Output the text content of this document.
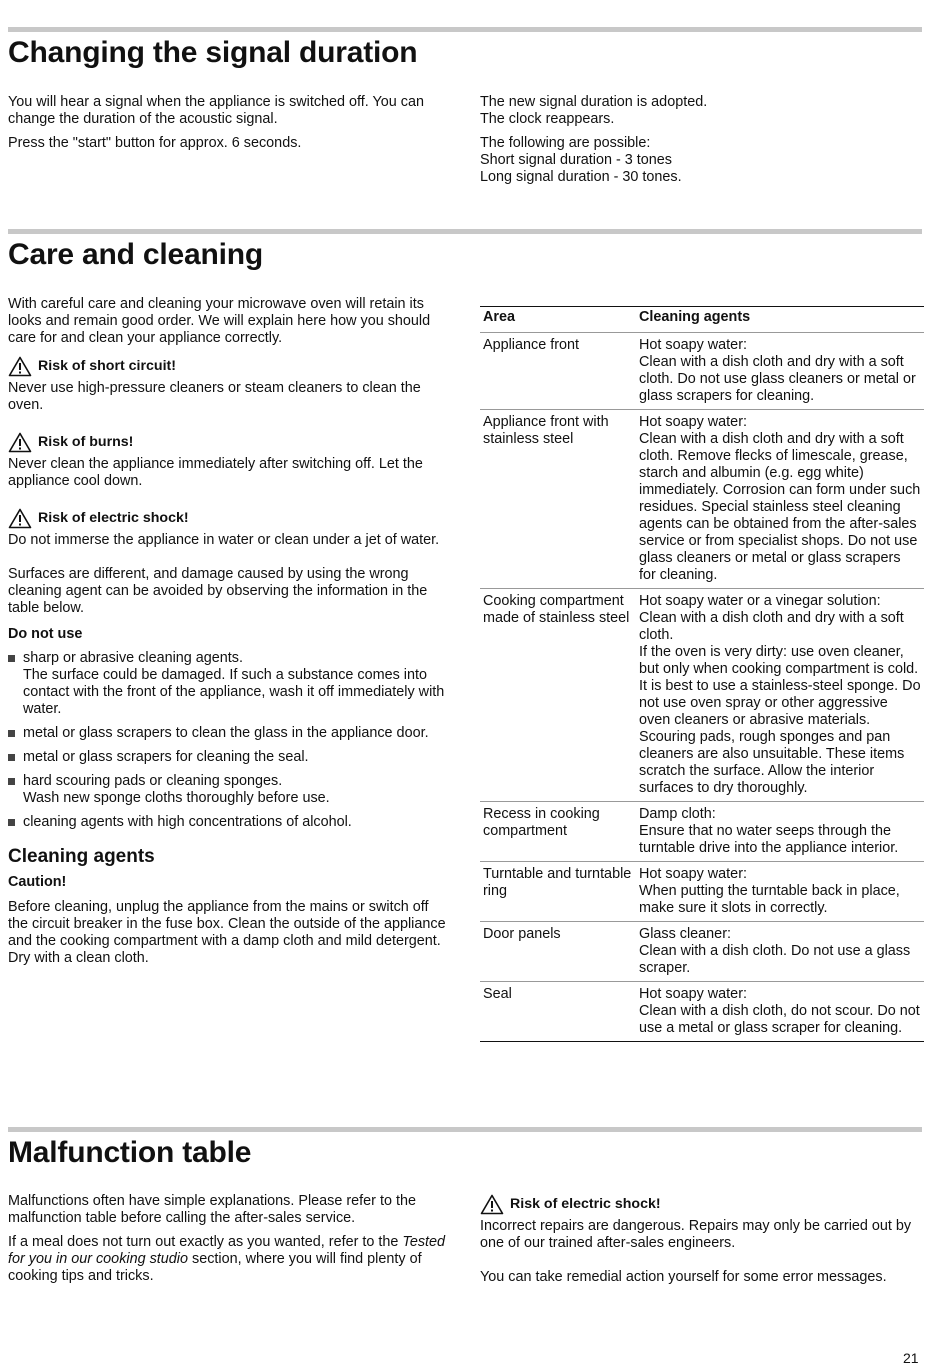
Changing the signal duration

You will hear a signal when the appliance is switched off. You can change the duration of the acoustic signal.

Press the "start" button for approx. 6 seconds.

The new signal duration is adopted.

The clock reappears.

The following are possible:

Short signal duration - 3 tones

Long signal duration - 30 tones.

Care and cleaning

With careful care and cleaning your microwave oven will retain its looks and remain good order. We will explain here how you should care for and clean your appliance correctly.

Risk of short circuit!

Never use high-pressure cleaners or steam cleaners to clean the oven.

Risk of burns!

Never clean the appliance immediately after switching off. Let the appliance cool down.

Risk of electric shock!

Do not immerse the appliance in water or clean under a jet of water.

Surfaces are different, and damage caused by using the wrong cleaning agent can be avoided by observing the information in the table below.

Do not use

sharp or abrasive cleaning agents.
The surface could be damaged. If such a substance comes into contact with the front of the appliance, wash it off immediately with water.
metal or glass scrapers to clean the glass in the appliance door.
metal or glass scrapers for cleaning the seal.
hard scouring pads or cleaning sponges.
Wash new sponge cloths thoroughly before use.
cleaning agents with high concentrations of alcohol.
Cleaning agents

Caution!

Before cleaning, unplug the appliance from the mains or switch off the circuit breaker in the fuse box. Clean the outside of the appliance and the cooking compartment with a damp cloth and mild detergent. Dry with a clean cloth.

Area	Cleaning agents
Appliance front	Hot soapy water:
Clean with a dish cloth and dry with a soft cloth. Do not use glass cleaners or metal or glass scrapers for cleaning.

Appliance front with stainless steel	Hot soapy water:
Clean with a dish cloth and dry with a soft cloth. Remove flecks of limescale, grease, starch and albumin (e.g. egg white) immediately. Corrosion can form under such residues. Special stainless steel cleaning agents can be obtained from the after-sales service or from specialist shops. Do not use glass cleaners or metal or glass scrapers for cleaning.

Cooking compartment made of stainless steel	Hot soapy water or a vinegar solution:
Clean with a dish cloth and dry with a soft cloth.
If the oven is very dirty: use oven cleaner, but only when cooking compartment is cold. It is best to use a stainless-steel sponge. Do not use oven spray or other aggressive oven cleaners or abrasive materials. Scouring pads, rough sponges and pan cleaners are also unsuitable. These items scratch the surface. Allow the interior surfaces to dry thoroughly.

Recess in cooking compartment	Damp cloth:
Ensure that no water seeps through the turntable drive into the appliance interior.

Turntable and turntable ring	Hot soapy water:
When putting the turntable back in place, make sure it slots in correctly.

Door panels	Glass cleaner:
Clean with a dish cloth. Do not use a glass scraper.

Seal	Hot soapy water:
Clean with a dish cloth, do not scour. Do not use a metal or glass scraper for cleaning.
Malfunction table

Malfunctions often have simple explanations. Please refer to the malfunction table before calling the after-sales service.

If a meal does not turn out exactly as you wanted, refer to the Tested for you in our cooking studio section, where you will find plenty of cooking tips and tricks.

Risk of electric shock!

Incorrect repairs are dangerous. Repairs may only be carried out by one of our trained after-sales engineers.

You can take remedial action yourself for some error messages.

21
